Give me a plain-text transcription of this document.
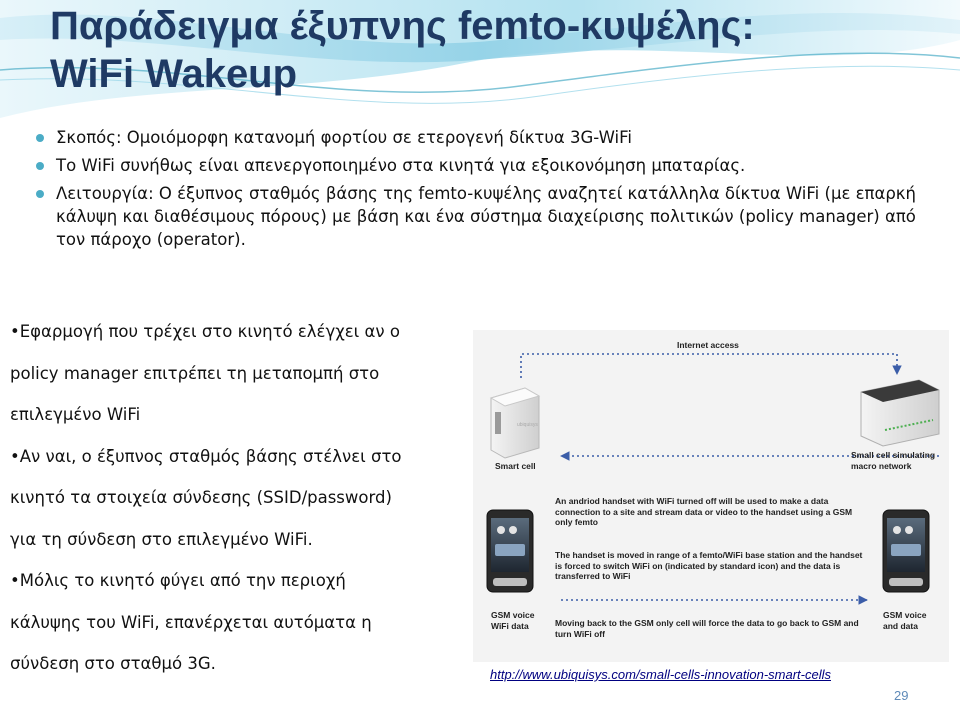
Παράδειγμα έξυπνης femto-κυψέλης:
WiFi Wakeup
Σκοπός: Ομοιόμορφη κατανομή φορτίου σε ετερογενή δίκτυα 3G-WiFi
Το WiFi συνήθως είναι απενεργοποιημένο στα κινητά για εξοικονόμηση μπαταρίας.
Λειτουργία: Ο έξυπνος σταθμός βάσης της femto-κυψέλης αναζητεί κατάλληλα δίκτυα WiFi (με επαρκή κάλυψη και διαθέσιμους πόρους) με βάση και ένα σύστημα διαχείρισης πολιτικών (policy manager) από τον πάροχο (operator).

•Εφαρμογή που τρέχει στο κινητό ελέγχει αν ο

policy manager επιτρέπει τη μεταπομπή στο

επιλεγμένο WiFi

•Αν ναι, ο έξυπνος σταθμός βάσης στέλνει στο

κινητό τα στοιχεία σύνδεσης (SSID/password)

για τη σύνδεση στο επιλεγμένο WiFi.

•Μόλις το κινητό φύγει από την περιοχή

κάλυψης του WiFi, επανέρχεται αυτόματα η

σύνδεση στο σταθμό 3G.

ubiquisys
Internet access
Smart cell
Small cell simulating macro network
An andriod handset with WiFi turned off will be used to make a data connection to a site and stream data or video to the handset using a GSM only femto
The handset is moved in range of a femto/WiFi base station and the handset is forced to switch WiFi on (indicated by standard icon) and the data is transferred to WiFi
GSM voice WiFi data	Moving back to the GSM only cell will force the data to go back to GSM and turn WiFi off
GSM voice and data
http://www.ubiquisys.com/small-cells-innovation-smart-cells
29
